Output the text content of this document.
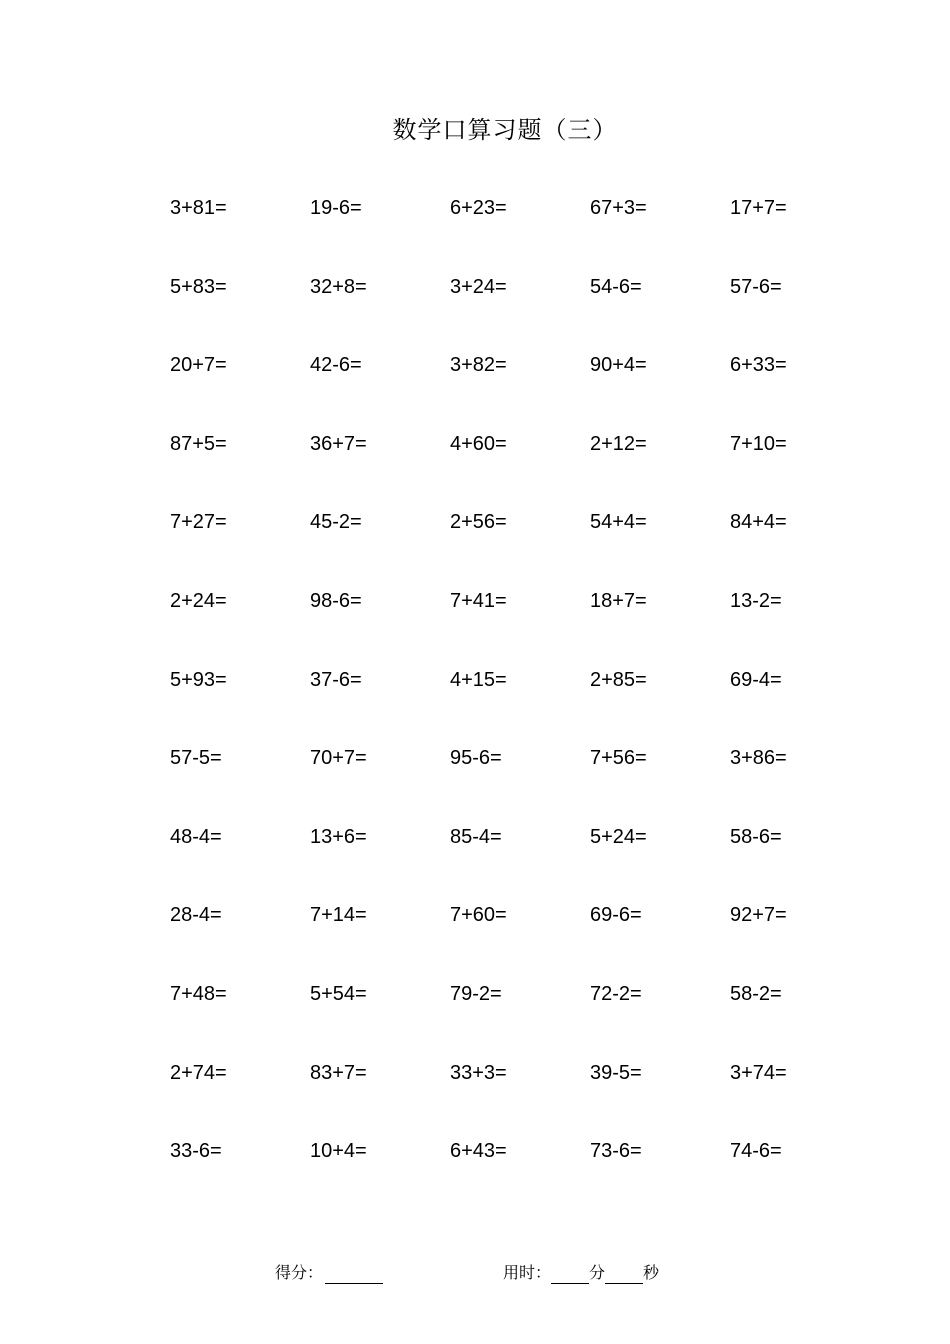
数学口算习题（三）
3+81=	19-6=	6+23=	67+3=	17+7=
5+83=	32+8=	3+24=	54-6=	57-6=
20+7=	42-6=	3+82=	90+4=	6+33=
87+5=	36+7=	4+60=	2+12=	7+10=
7+27=	45-2=	2+56=	54+4=	84+4=
2+24=	98-6=	7+41=	18+7=	13-2=
5+93=	37-6=	4+15=	2+85=	69-4=
57-5=	70+7=	95-6=	7+56=	3+86=
48-4=	13+6=	85-4=	5+24=	58-6=
28-4=	7+14=	7+60=	69-6=	92+7=
7+48=	5+54=	79-2=	72-2=	58-2=
2+74=	83+7=	33+3=	39-5=	3+74=
33-6=	10+4=	6+43=	73-6=	74-6=
得分：	用时： 分 秒
